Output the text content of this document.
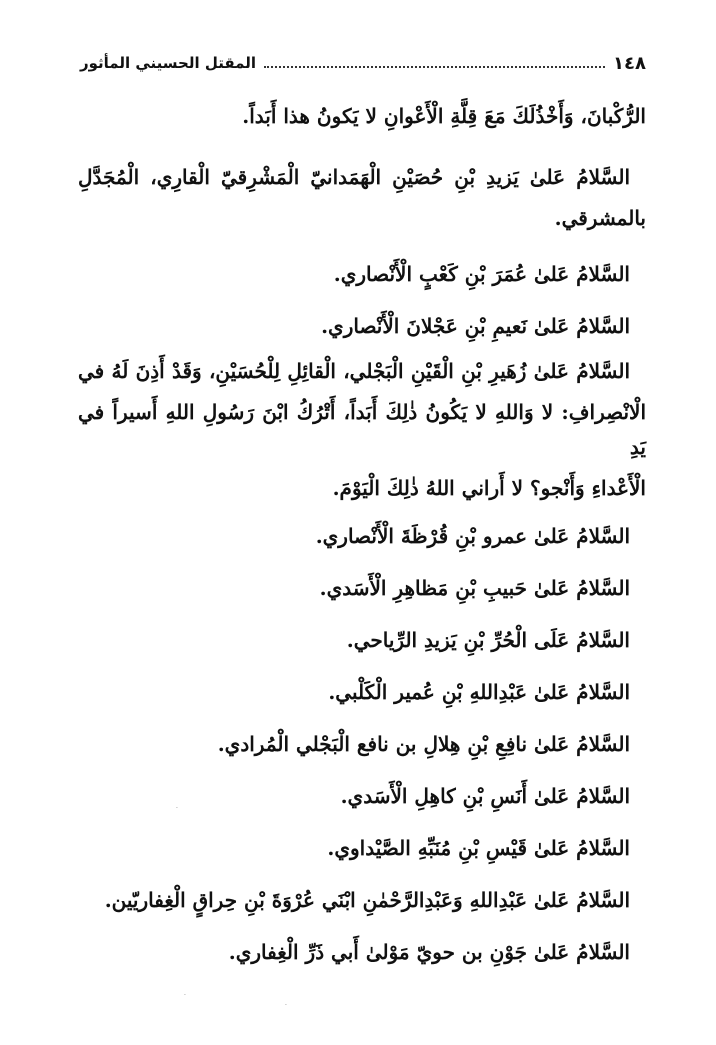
١٤٨
المقتل الحسيني المأثور

الرُّكْبانَ، وَأَخْذُلَكَ مَعَ قِلَّةِ الْأَعْوانِ لا يَكونُ هذا أَبَداً.

السَّلامُ عَلىٰ يَزيدِ بْنِ حُصَيْنِ الْهَمَدانيّ الْمَشْرِقيّ الْقارِي، الْمُجَدَّلِ

بالمشرقي.

السَّلامُ عَلىٰ عُمَرَ بْنِ كَعْبٍ الْأَنْصاري.

السَّلامُ عَلىٰ نَعيمِ بْنِ عَجْلانَ الْأَنْصاري.

السَّلامُ عَلىٰ زُهَيرِ بْنِ الْقَيْنِ الْبَجْلي، الْقائِلِ لِلْحُسَيْنِ، وَقَدْ أَذِنَ لَهُ في

الْانْصِرافِ: لا وَاللهِ لا يَكُونُ ذٰلِكَ أَبَداً، أَتْرُكُ ابْنَ رَسُولِ اللهِ أَسيراً في يَدِ

الْأَعْداءِ وَأَنْجو؟ لا أَراني اللهُ ذٰلِكَ الْيَوْمَ.

السَّلامُ عَلىٰ عمرو بْنِ قُرْظَةَ الْأَنْصاري.

السَّلامُ عَلىٰ حَبيبِ بْنِ مَظاهِرِ الْأَسَدي.

السَّلامُ عَلَى الْحُرِّ بْنِ يَزيدِ الرِّياحي.

السَّلامُ عَلىٰ عَبْدِاللهِ بْنِ عُمير الْكَلْبي.

السَّلامُ عَلىٰ نافِعِ بْنِ هِلالِ بن نافع الْبَجْلي الْمُرادي.

السَّلامُ عَلىٰ أَنَسِ بْنِ كاهِلِ الْأَسَدي.

السَّلامُ عَلىٰ قَيْسِ بْنِ مُنَبِّهِ الصَّيْداوي.

السَّلامُ عَلىٰ عَبْدِاللهِ وَعَبْدِالرَّحْمٰنِ ابْنَي عُرْوَةَ بْنِ حِراقٍ الْغِفاريّين.

السَّلامُ عَلىٰ جَوْنِ بن حويّ مَوْلىٰ أَبي ذَرِّ الْغِفاري.

·
·
·
